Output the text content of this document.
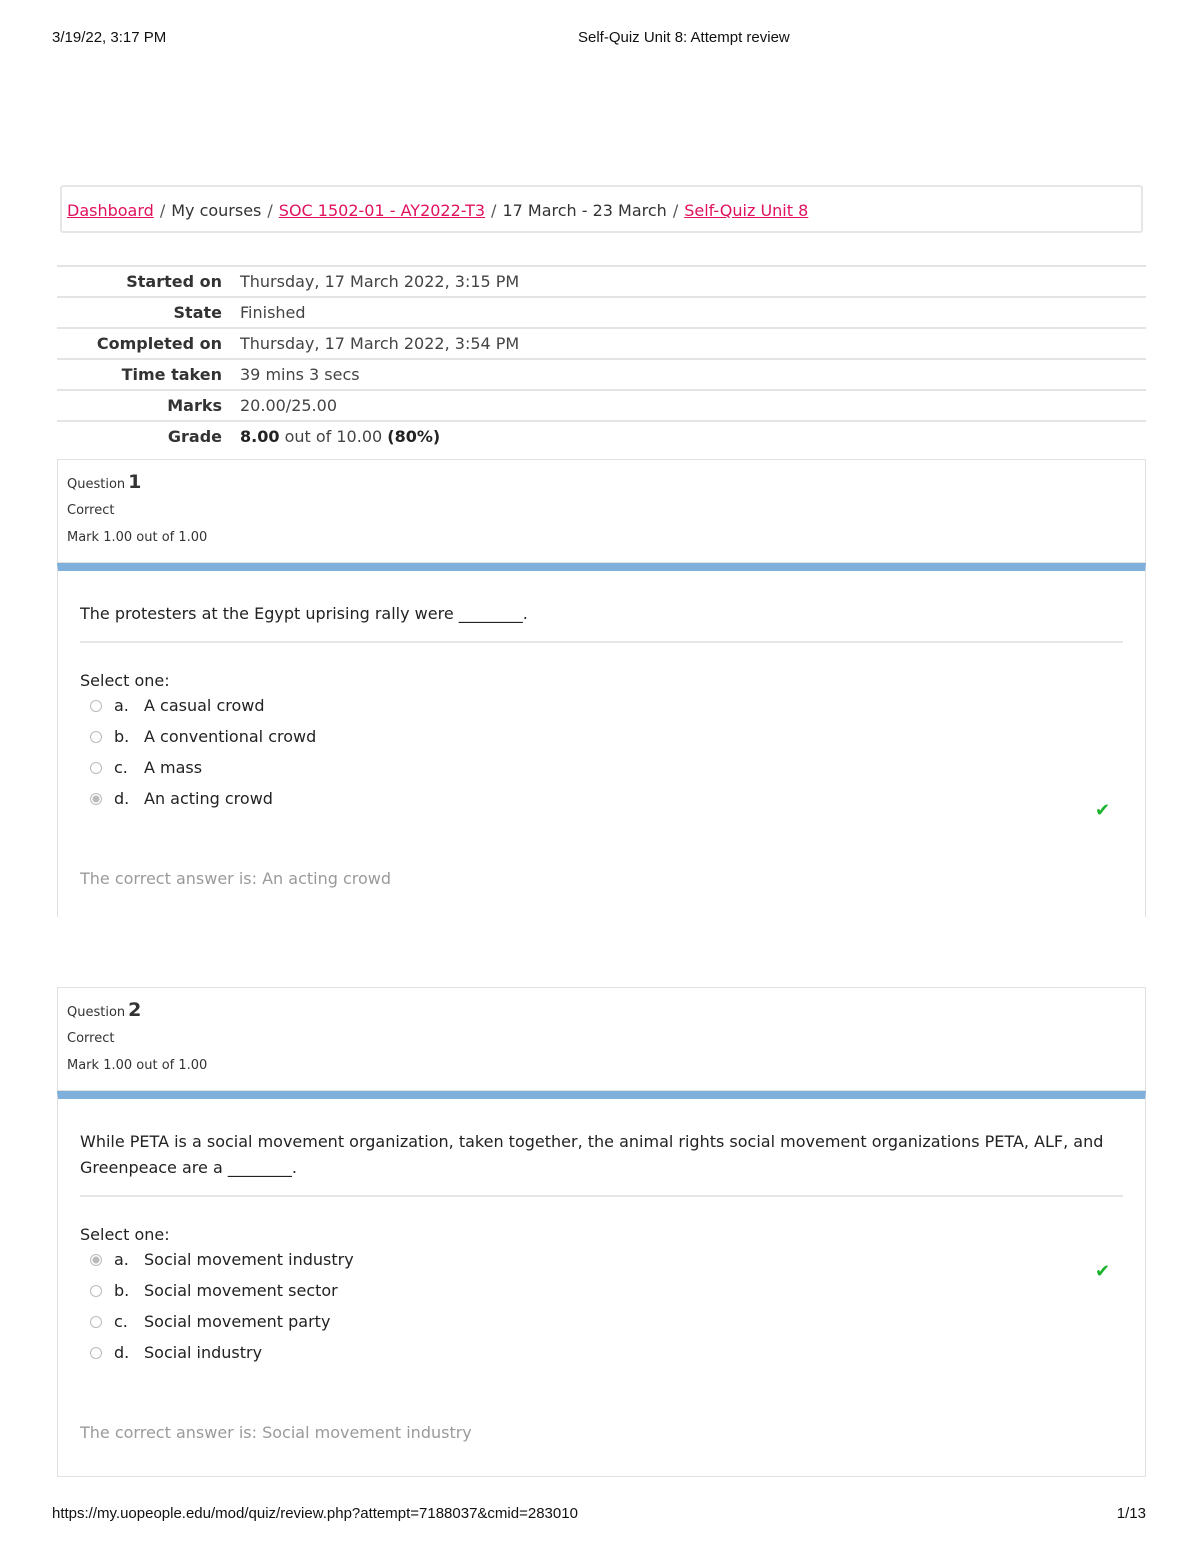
3/19/22, 3:17 PM	Self-Quiz Unit 8: Attempt review
Dashboard / My courses / SOC 1502-01 - AY2022-T3 / 17 March - 23 March / Self-Quiz Unit 8
Started on	Thursday, 17 March 2022, 3:15 PM
State	Finished
Completed on	Thursday, 17 March 2022, 3:54 PM
Time taken	39 mins 3 secs
Marks	20.00/25.00
Grade	8.00 out of 10.00 (80%)
Question 1
Correct
Mark 1.00 out of 1.00
The protesters at the Egypt uprising rally were ________.
Select one:
a. A casual crowd
b. A conventional crowd
c.	A mass
d. An acting crowd
✔
The correct answer is: An acting crowd
Question 2
Correct
Mark 1.00 out of 1.00
While PETA is a social movement organization, taken together, the animal rights social movement organizations PETA, ALF, and Greenpeace are a ________.
Select one:
a. Social movement industry
b. Social movement sector
c.	Social movement party
d. Social industry
✔
The correct answer is: Social movement industry
https://my.uopeople.edu/mod/quiz/review.php?attempt=7188037&cmid=283010	1/13
